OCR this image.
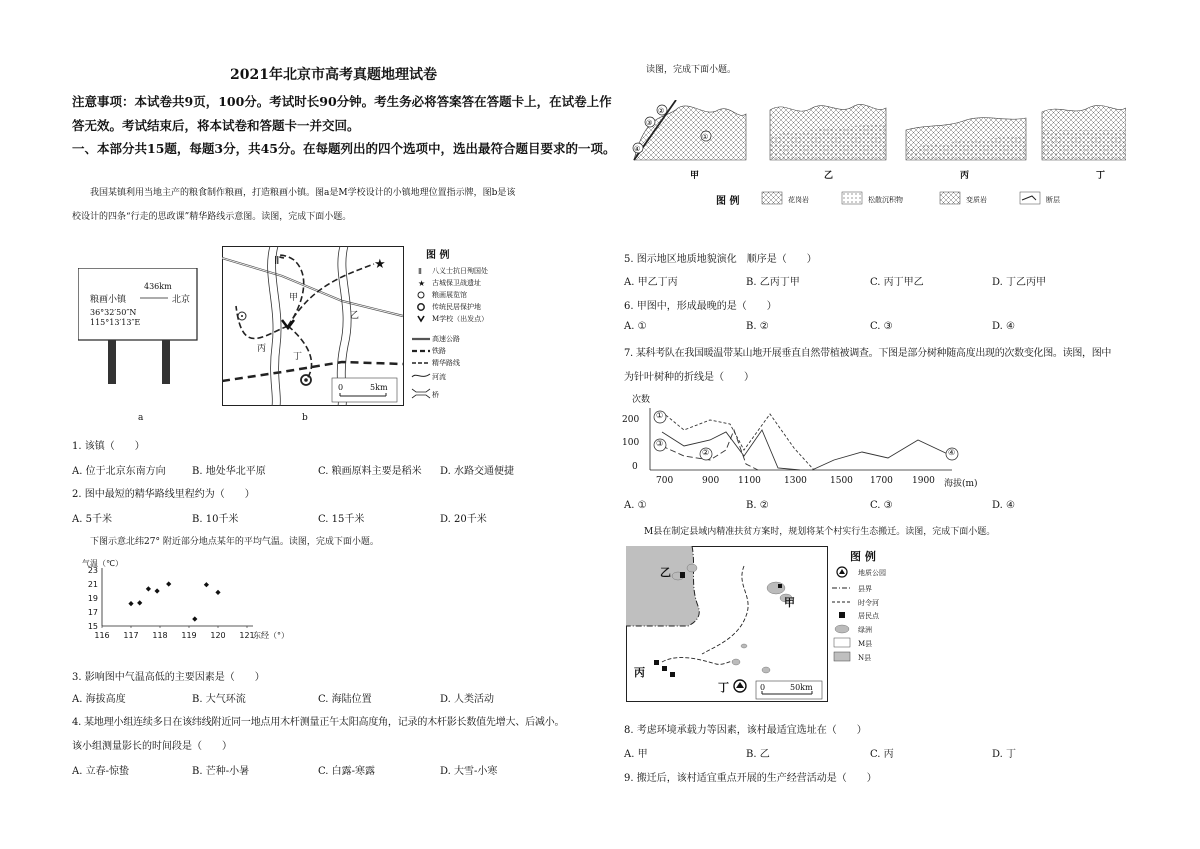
2021年北京市高考真题地理试卷
注意事项：本试卷共9页，100分。考试时长90分钟。考生务必将答案答在答题卡上，在试卷上作
答无效。考试结束后，将本试卷和答题卡一并交回。
一、本部分共15题，每题3分，共45分。在每题列出的四个选项中，选出最符合题目要求的一项。
我国某镇利用当地主产的粮食制作粮画，打造粮画小镇。图a是M学校设计的小镇地理位置指示牌，图b是该
校设计的四条“行走的思政课”精华路线示意图。读图，完成下面小题。
436km
粮画小镇	北京
36°32′50″N
115°13′13″E
a
★
Ⅱ
Ⅱ
★
甲
乙
丙
丁
0	5km
图 例
八义士抗日殉国处
古城保卫战遗址
粮画展览馆
传统民居保护地
M学校（出发点）
高速公路
铁路
精华路线
河流
桥
b
1. 该镇（　　）
A. 位于北京东南方向	B. 地处华北平原	C. 粮画原料主要是稻米 D. 水路交通便捷
2. 图中最短的精华路线里程约为（　　）
A. 5千米	B. 10千米	C. 15千米	D. 20千米
下图示意北纬27° 附近部分地点某年的平均气温。读图，完成下面小题。
气温（℃）
23
21
19
17
15
116 117 118 119 120 121
东经（°）
3. 影响图中气温高低的主要因素是（　　）
A. 海拔高度	B. 大气环流	C. 海陆位置	D. 人类活动
4. 某地理小组连续多日在该纬线附近同一地点用木杆测量正午太阳高度角，记录的木杆影长数值先增大、后减小。
该小组测量影长的时间段是（　　）
A. 立春-惊蛰	B. 芒种-小暑	C. 白露-寒露	D. 大雪-小寒
读图，完成下面小题。
②
③
④
①
甲	乙	丙	丁
图 例	花岗岩	松散沉积物	变质岩	断层
5. 图示地区地质地貌演化　顺序是（　　）
A. 甲乙丁丙	B. 乙丙丁甲	C. 丙丁甲乙	D. 丁乙丙甲
6. 甲图中，形成最晚的是（　　）
A. ①	B. ②	C. ③	D. ④
7. 某科考队在我国暖温带某山地开展垂直自然带植被调查。下图是部分树种随高度出现的次数变化图。读图，图中
为针叶树种的折线是（　　）
次数
200
100
0
700	900 1100	1300	1500 1700 1900 海拔(m)
①
②
③
④
A. ①	B. ②	C. ③	D. ④
M县在制定县域内精准扶贫方案时，规划将某个村实行生态搬迁。读图，完成下面小题。
乙
甲
丙
丁	0	50km
图 例
地质公园
县界
时令河
居民点
绿洲
M县
N县
8. 考虑环境承载力等因素，该村最适宜选址在（　　）
A. 甲	B. 乙	C. 丙	D. 丁
9. 搬迁后，该村适宜重点开展的生产经营活动是（　　）
